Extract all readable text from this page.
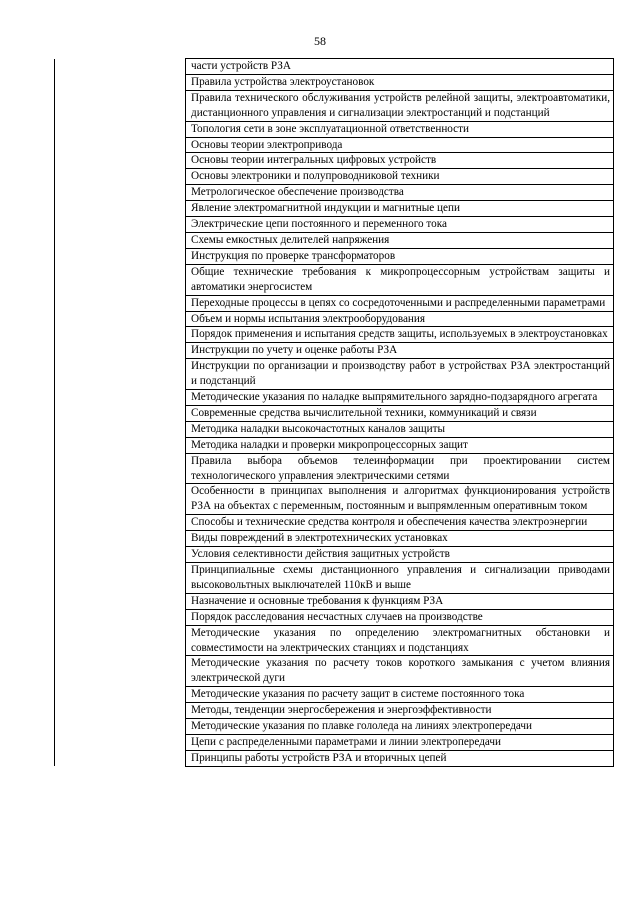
58
	части устройств РЗА
Правила устройства электроустановок
Правила технического обслуживания устройств релейной защиты, электроавтоматики, дистанционного управления и сигнализации электростанций и подстанций
Топология сети в зоне эксплуатационной ответственности
Основы теории электропривода
Основы теории интегральных цифровых устройств
Основы электроники и полупроводниковой техники
Метрологическое обеспечение производства
Явление электромагнитной индукции и магнитные цепи
Электрические цепи постоянного и переменного тока
Схемы емкостных делителей напряжения
Инструкция по проверке трансформаторов
Общие технические требования к микропроцессорным устройствам защиты и автоматики энергосистем
Переходные процессы в цепях со сосредоточенными и распределенными параметрами
Объем и нормы испытания электрооборудования
Порядок применения и испытания средств защиты, используемых в электроустановках
Инструкции по учету и оценке работы РЗА
Инструкции по организации и производству работ в устройствах РЗА электростанций и подстанций
Методические указания по наладке выпрямительного зарядно-подзарядного агрегата
Современные средства вычислительной техники, коммуникаций и связи
Методика наладки высокочастотных каналов защиты
Методика наладки и проверки микропроцессорных защит
Правила выбора объемов телеинформации при проектировании систем технологического управления электрическими сетями
Особенности в принципах выполнения и алгоритмах функционирования устройств РЗА на объектах с переменным, постоянным и выпрямленным оперативным током
Способы и технические средства контроля и обеспечения качества электроэнергии
Виды повреждений в электротехнических установках
Условия селективности действия защитных устройств
Принципиальные схемы дистанционного управления и сигнализации приводами высоковольтных выключателей 110кВ и выше
Назначение и основные требования к функциям РЗА
Порядок расследования несчастных случаев на производстве
Методические указания по определению электромагнитных обстановки и совместимости на электрических станциях и подстанциях
Методические указания по расчету токов короткого замыкания с учетом влияния электрической дуги
Методические указания по расчету защит в системе постоянного тока
Методы, тенденции энергосбережения и энергоэффективности
Методические указания по плавке гололеда на линиях электропередачи
Цепи с распределенными параметрами и линии электропередачи
Принципы работы устройств РЗА и вторичных цепей
